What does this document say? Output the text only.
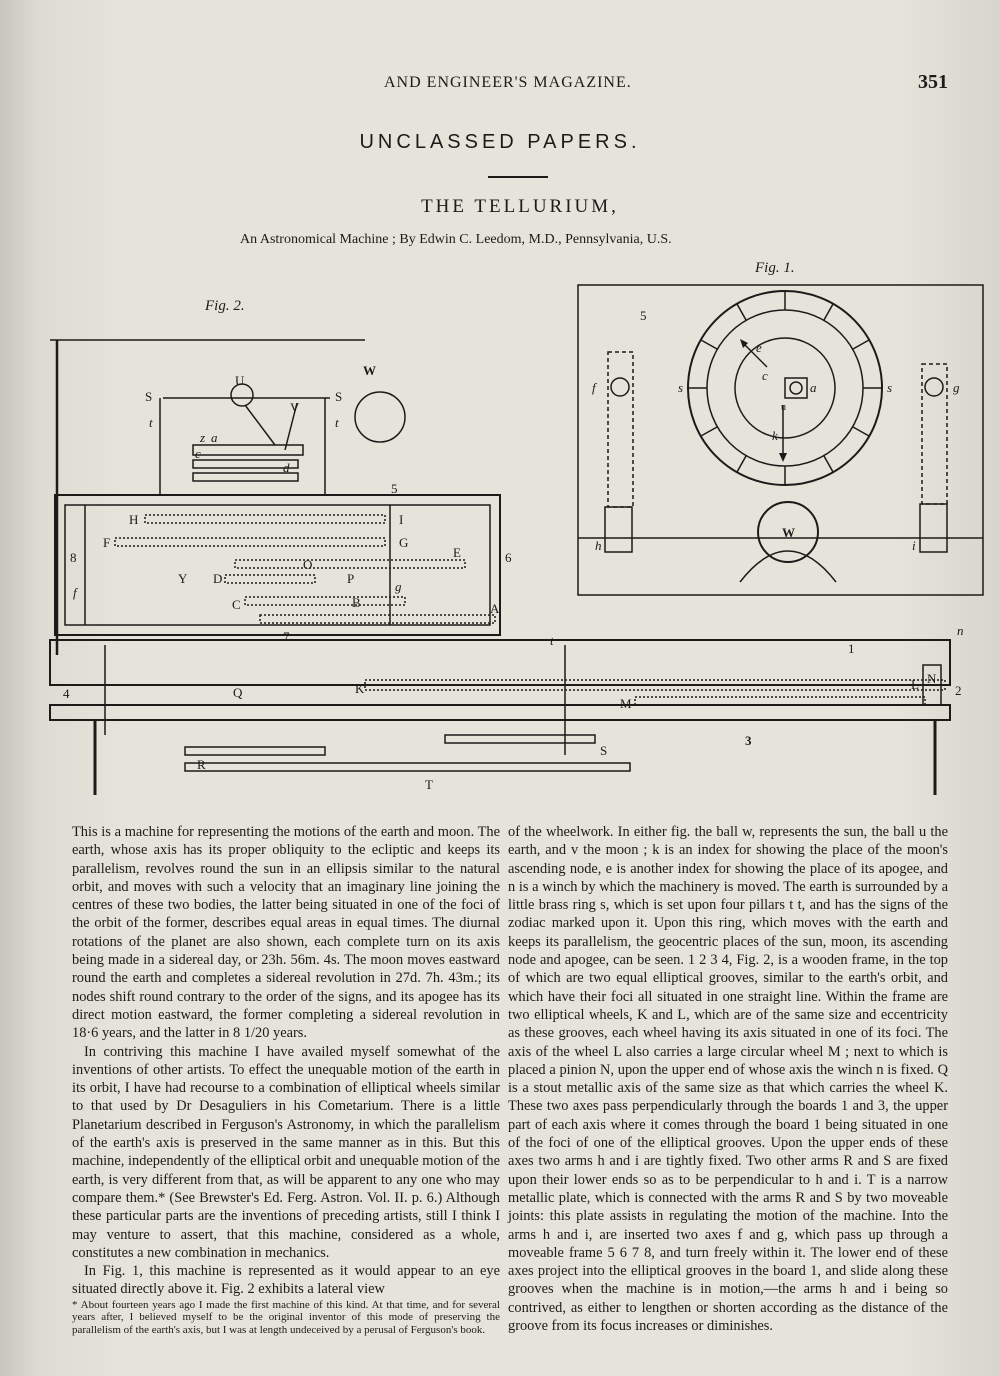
AND ENGINEER'S MAGAZINE.	351
UNCLASSED PAPERS.
THE TELLURIUM,
An Astronomical Machine ; By Edwin C. Leedom, M.D., Pennsylvania, U.S.
Fig. 1.
Fig. 2.
5
f	s	s	g
h	i
W
e
c
a
k
u
U
V
W
S	S
t	t
z a
c
d
5
H	I
F	G
E
8	6
O
D	P
Y
g
f
C	B	A
7	t
1
n
K	L N
M
4	Q	2
3
S
R
T

This is a machine for representing the motions of the earth and moon. The earth, whose axis has its proper obliquity to the ecliptic and keeps its parallelism, revolves round the sun in an ellipsis similar to the natural orbit, and moves with such a velocity that an imaginary line joining the centres of these two bodies, the latter being situated in one of the foci of the orbit of the former, describes equal areas in equal times. The diurnal rotations of the planet are also shown, each complete turn on its axis being made in a sidereal day, or 23h. 56m. 4s. The moon moves eastward round the earth and completes a sidereal revolution in 27d. 7h. 43m.; its nodes shift round contrary to the order of the signs, and its apogee has its direct motion eastward, the former completing a sidereal revolution in 18·6 years, and the latter in 8 1/20 years.

In contriving this machine I have availed myself somewhat of the inventions of other artists. To effect the unequable motion of the earth in its orbit, I have had recourse to a combination of elliptical wheels similar to that used by Dr Desaguliers in his Cometarium. There is a little Planetarium described in Ferguson's Astronomy, in which the parallelism of the earth's axis is preserved in the same manner as in this. But this machine, independently of the elliptical orbit and unequable motion of the earth, is very different from that, as will be apparent to any one who may compare them.* (See Brewster's Ed. Ferg. Astron. Vol. II. p. 6.) Although these particular parts are the inventions of preceding artists, still I think I may venture to assert, that this machine, considered as a whole, constitutes a new combination in mechanics.

In Fig. 1, this machine is represented as it would appear to an eye situated directly above it. Fig. 2 exhibits a lateral view

* About fourteen years ago I made the first machine of this kind. At that time, and for several years after, I believed myself to be the original inventor of this mode of preserving the parallelism of the earth's axis, but I was at length undeceived by a perusal of Ferguson's book.

of the wheelwork. In either fig. the ball w, represents the sun, the ball u the earth, and v the moon ; k is an index for showing the place of the moon's ascending node, e is another index for showing the place of its apogee, and n is a winch by which the machinery is moved. The earth is surrounded by a little brass ring s, which is set upon four pillars t t, and has the signs of the zodiac marked upon it. Upon this ring, which moves with the earth and keeps its parallelism, the geocentric places of the sun, moon, its ascending node and apogee, can be seen. 1 2 3 4, Fig. 2, is a wooden frame, in the top of which are two equal elliptical grooves, similar to the earth's orbit, and which have their foci all situated in one straight line. Within the frame are two elliptical wheels, K and L, which are of the same size and eccentricity as these grooves, each wheel having its axis situated in one of its foci. The axis of the wheel L also carries a large circular wheel M ; next to which is placed a pinion N, upon the upper end of whose axis the winch n is fixed. Q is a stout metallic axis of the same size as that which carries the wheel K. These two axes pass perpendicularly through the boards 1 and 3, the upper part of each axis where it comes through the board 1 being situated in one of the foci of one of the elliptical grooves. Upon the upper ends of these axes two arms h and i are tightly fixed. Two other arms R and S are fixed upon their lower ends so as to be perpendicular to h and i. T is a narrow metallic plate, which is connected with the arms R and S by two moveable joints: this plate assists in regulating the motion of the machine. Into the arms h and i, are inserted two axes f and g, which pass up through a moveable frame 5 6 7 8, and turn freely within it. The lower end of these axes project into the elliptical grooves in the board 1, and slide along these grooves when the machine is in motion,—the arms h and i being so contrived, as either to lengthen or shorten according as the distance of the groove from its focus increases or diminishes.
